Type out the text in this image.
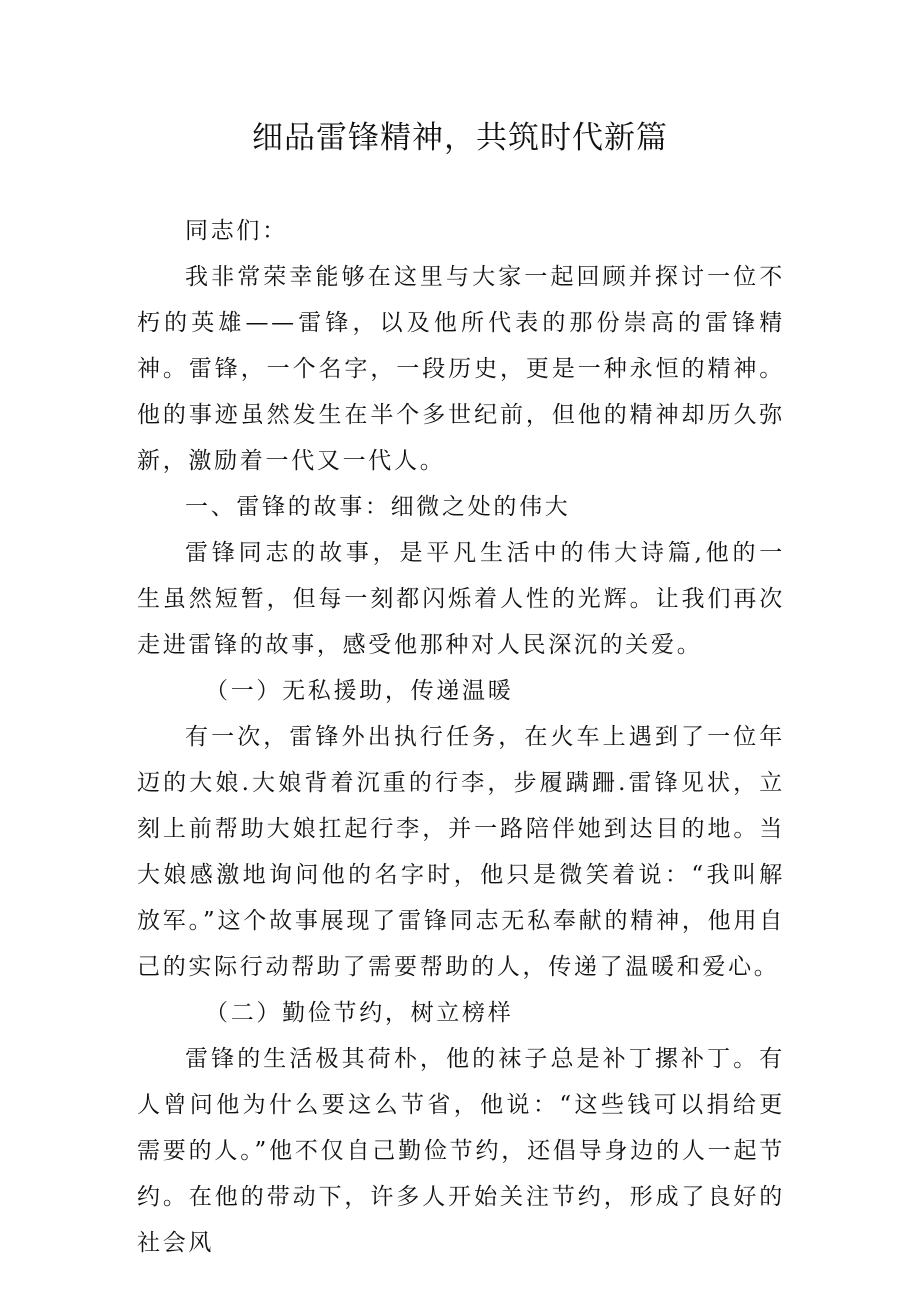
细品雷锋精神，共筑时代新篇

同志们：

我非常荣幸能够在这里与大家一起回顾并探讨一位不朽的英雄——雷锋，以及他所代表的那份崇高的雷锋精神。雷锋，一个名字，一段历史，更是一种永恒的精神。他的事迹虽然发生在半个多世纪前，但他的精神却历久弥新，激励着一代又一代人。

一、雷锋的故事：细微之处的伟大

雷锋同志的故事，是平凡生活中的伟大诗篇,他的一生虽然短暂，但每一刻都闪烁着人性的光辉。让我们再次走进雷锋的故事，感受他那种对人民深沉的关爱。

（一）无私援助，传递温暖

有一次，雷锋外出执行任务，在火车上遇到了一位年迈的大娘.大娘背着沉重的行李，步履蹒跚.雷锋见状，立刻上前帮助大娘扛起行李，并一路陪伴她到达目的地。当大娘感激地询问他的名字时，他只是微笑着说：“我叫解放军。”这个故事展现了雷锋同志无私奉献的精神，他用自己的实际行动帮助了需要帮助的人，传递了温暖和爱心。

（二）勤俭节约，树立榜样

雷锋的生活极其荷朴，他的袜子总是补丁摞补丁。有人曾问他为什么要这么节省，他说：“这些钱可以捐给更需要的人。”他不仅自己勤俭节约，还倡导身边的人一起节约。在他的带动下，许多人开始关注节约，形成了良好的社会风
